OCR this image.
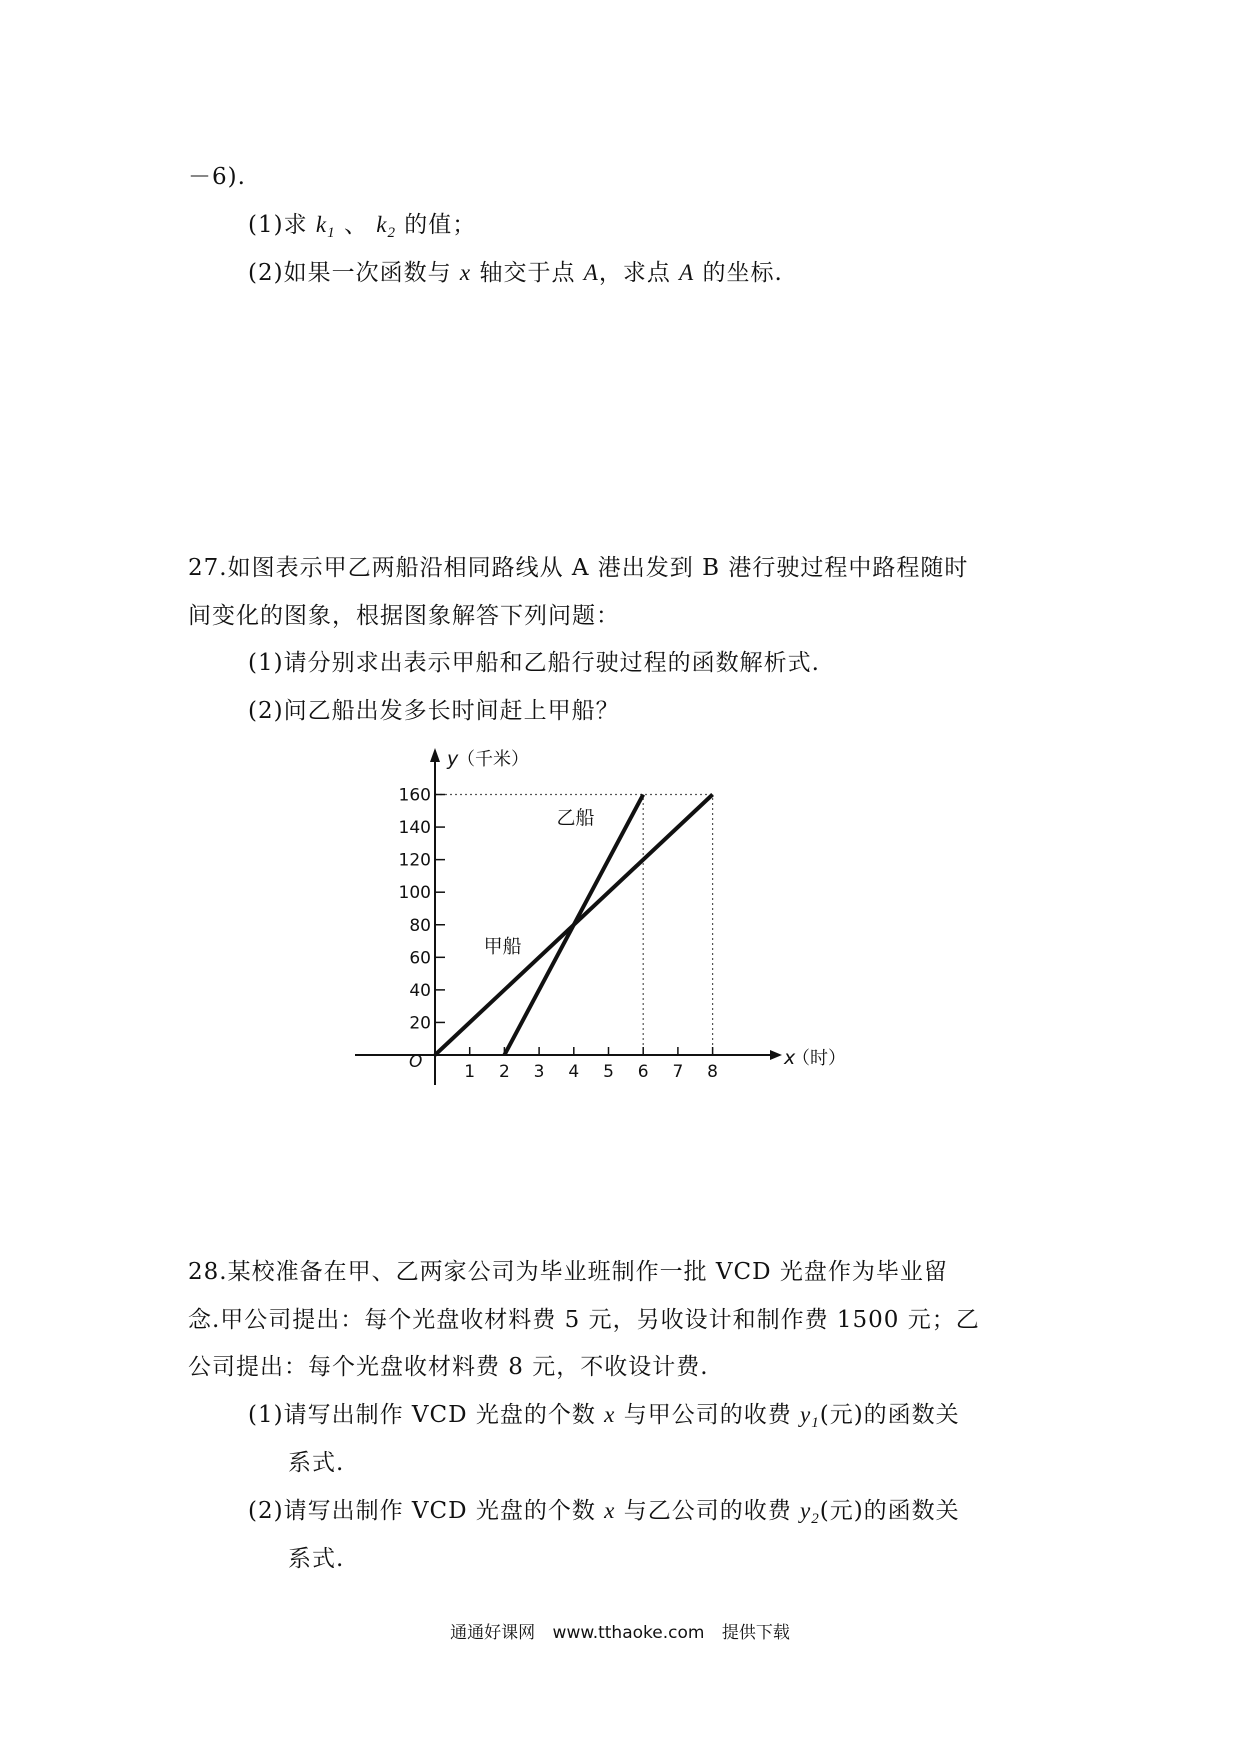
－6).
(1)求 $k_1$ 、 $k_2$ 的值；
(2)如果一次函数与 x 轴交于点 A，求点 A 的坐标.
27.如图表示甲乙两船沿相同路线从 A 港出发到 B 港行驶过程中路程随时
间变化的图象，根据图象解答下列问题：
(1)请分别求出表示甲船和乙船行驶过程的函数解析式.
(2)问乙船出发多长时间赶上甲船？
1 2 3 4 5 6 7 8
20
40
60
80
100
120
140
160
O
甲船
乙船
y
（千米）
x
（时）
28.某校准备在甲、乙两家公司为毕业班制作一批 VCD 光盘作为毕业留
念.甲公司提出：每个光盘收材料费 5 元，另收设计和制作费 1500 元；乙
公司提出：每个光盘收材料费 8 元，不收设计费.
(1)请写出制作 VCD 光盘的个数 x 与甲公司的收费 $y_1$(元)的函数关
系式.
(2)请写出制作 VCD 光盘的个数 x 与乙公司的收费 $y_2$(元)的函数关
系式.
通通好课网 www.tthaoke.com 提供下载
